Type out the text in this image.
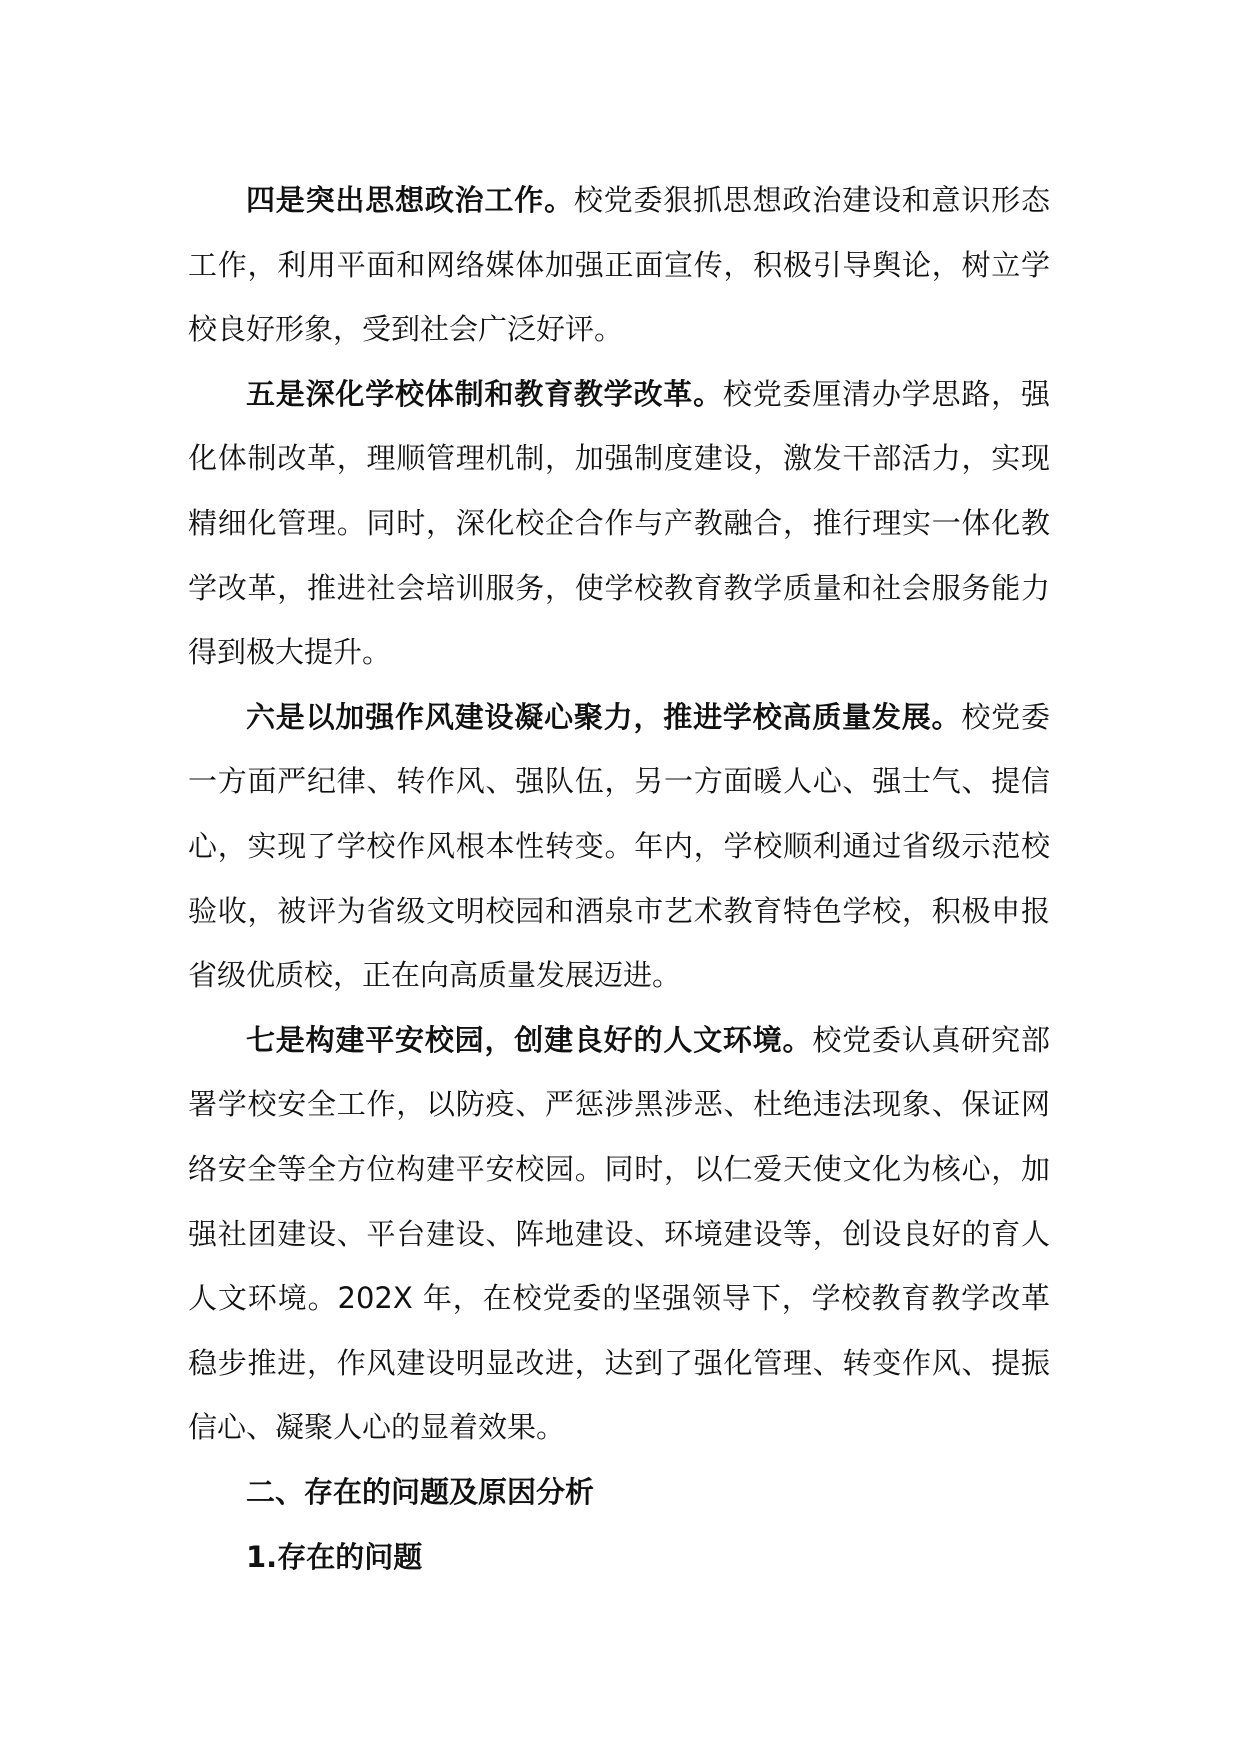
四是突出思想政治工作。校党委狠抓思想政治建设和意识形态工作，利用平面和网络媒体加强正面宣传，积极引导舆论，树立学校良好形象，受到社会广泛好评。

五是深化学校体制和教育教学改革。校党委厘清办学思路，强化体制改革，理顺管理机制，加强制度建设，激发干部活力，实现精细化管理。同时，深化校企合作与产教融合，推行理实一体化教学改革，推进社会培训服务，使学校教育教学质量和社会服务能力得到极大提升。

六是以加强作风建设凝心聚力，推进学校高质量发展。校党委一方面严纪律、转作风、强队伍，另一方面暖人心、强士气、提信心，实现了学校作风根本性转变。年内，学校顺利通过省级示范校验收，被评为省级文明校园和酒泉市艺术教育特色学校，积极申报省级优质校，正在向高质量发展迈进。

七是构建平安校园，创建良好的人文环境。校党委认真研究部署学校安全工作，以防疫、严惩涉黑涉恶、杜绝违法现象、保证网络安全等全方位构建平安校园。同时，以仁爱天使文化为核心，加强社团建设、平台建设、阵地建设、环境建设等，创设良好的育人人文环境。202X 年，在校党委的坚强领导下，学校教育教学改革稳步推进，作风建设明显改进，达到了强化管理、转变作风、提振信心、凝聚人心的显着效果。

二、存在的问题及原因分析

1.存在的问题
